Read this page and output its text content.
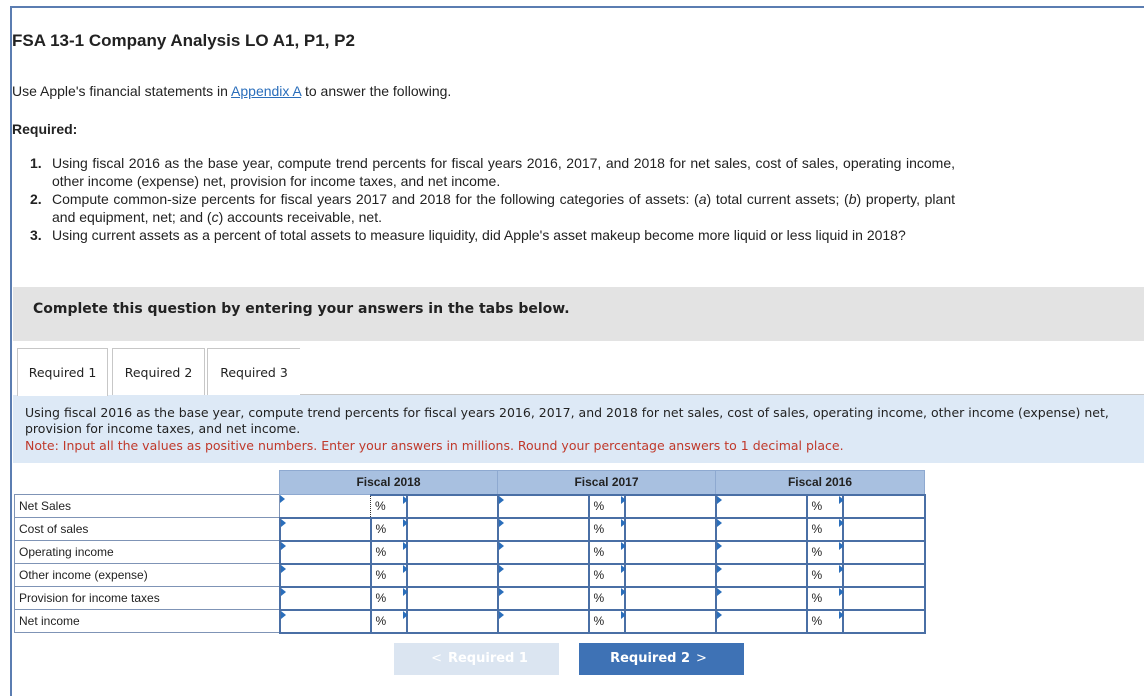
FSA 13-1 Company Analysis LO A1, P1, P2
Use Apple's financial statements in Appendix A to answer the following.
Required:
1. Using fiscal 2016 as the base year, compute trend percents for fiscal years 2016, 2017, and 2018 for net sales, cost of sales, operating income, other income (expense) net, provision for income taxes, and net income.
2. Compute common-size percents for fiscal years 2017 and 2018 for the following categories of assets: (a) total current assets; (b) property, plant and equipment, net; and (c) accounts receivable, net.
3. Using current assets as a percent of total assets to measure liquidity, did Apple's asset makeup become more liquid or less liquid in 2018?
Complete this question by entering your answers in the tabs below.
Required 1	Required 2	Required 3
Using fiscal 2016 as the base year, compute trend percents for fiscal years 2016, 2017, and 2018 for net sales, cost of sales, operating income, other income (expense) net, provision for income taxes, and net income.
Note: Input all the values as positive numbers. Enter your answers in millions. Round your percentage answers to 1 decimal place.
	Fiscal 2018			Fiscal 2017			Fiscal 2016		
Net Sales		%			%			%

Cost of sales		%			%			%

Operating income		%			%			%

Other income (expense)		%			%			%

Provision for income taxes		%			%			%

Net income		%			%			%

< Required 1	Required 2 >
